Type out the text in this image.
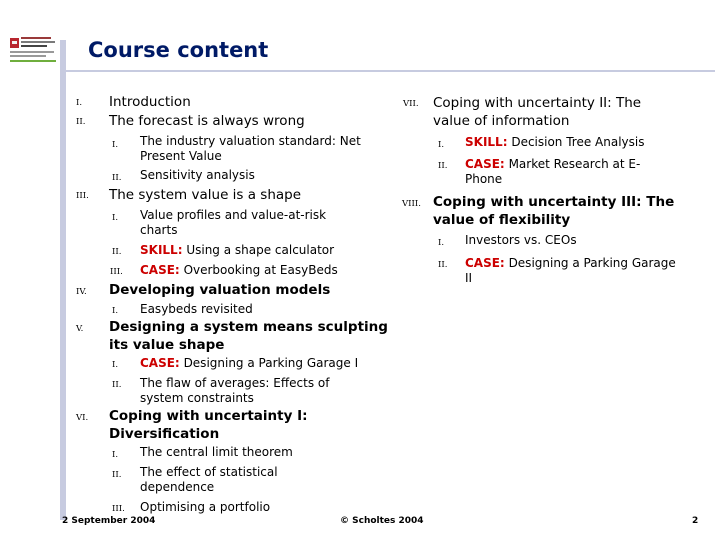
Course content
I. Introduction
II. The forecast is always wrong
I. The industry valuation standard: Net
Present Value
II. Sensitivity analysis
III. The system value is a shape
I. Value profiles and value-at-risk
charts
II. SKILL: Using a shape calculator
III. CASE: Overbooking at EasyBeds
IV. Developing valuation models
I. Easybeds revisited
V. Designing a system means sculpting
its value shape
I. CASE: Designing a Parking Garage I
II. The flaw of averages: Effects of
system constraints
VI. Coping with uncertainty I:
Diversification
I. The central limit theorem
II. The effect of statistical
dependence
III. Optimising a portfolio
VII. Coping with uncertainty II: The
value of information
I. SKILL: Decision Tree Analysis
II. CASE: Market Research at E-
Phone
VIII. Coping with uncertainty III: The
value of flexibility
I. Investors vs. CEOs
II. CASE: Designing a Parking Garage
II
2 September 2004	© Scholtes 2004	2
